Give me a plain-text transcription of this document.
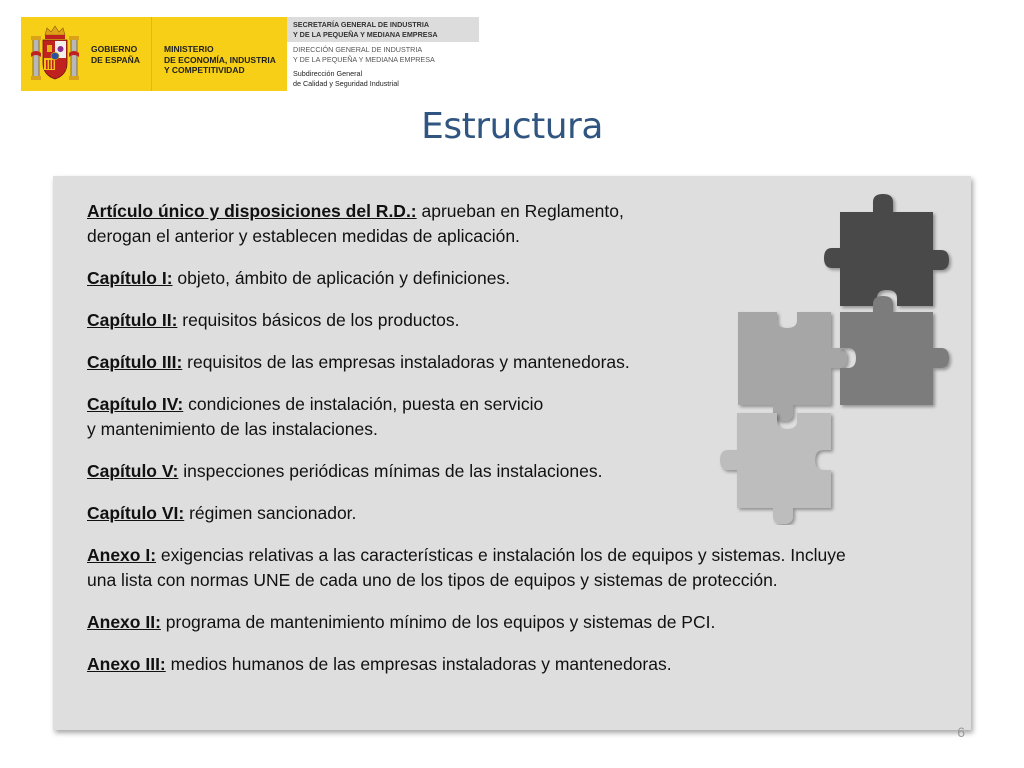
GOBIERNO
DE ESPAÑA
MINISTERIO
DE ECONOMÍA, INDUSTRIA
Y COMPETITIVIDAD
SECRETARÍA GENERAL DE INDUSTRIA
Y DE LA PEQUEÑA Y MEDIANA EMPRESA
DIRECCIÓN GENERAL DE INDUSTRIA
Y DE LA PEQUEÑA Y MEDIANA EMPRESA
Subdirección General
de Calidad y Seguridad Industrial
Estructura
Artículo único y disposiciones del R.D.: aprueban en Reglamento,
derogan el anterior y establecen medidas de aplicación.
Capítulo I: objeto, ámbito de aplicación y definiciones.
Capítulo II: requisitos básicos de los productos.
Capítulo III: requisitos de las empresas instaladoras y mantenedoras.
Capítulo IV: condiciones de instalación, puesta en servicio
y mantenimiento de las instalaciones.
Capítulo V: inspecciones periódicas mínimas de las instalaciones.
Capítulo VI: régimen sancionador.
Anexo I: exigencias relativas a las características e instalación los de equipos y sistemas. Incluye
una lista con normas UNE de cada uno de los tipos de equipos y sistemas de protección.
Anexo II: programa de mantenimiento mínimo de los equipos y sistemas de PCI.
Anexo III: medios humanos de las empresas instaladoras y mantenedoras.
6
